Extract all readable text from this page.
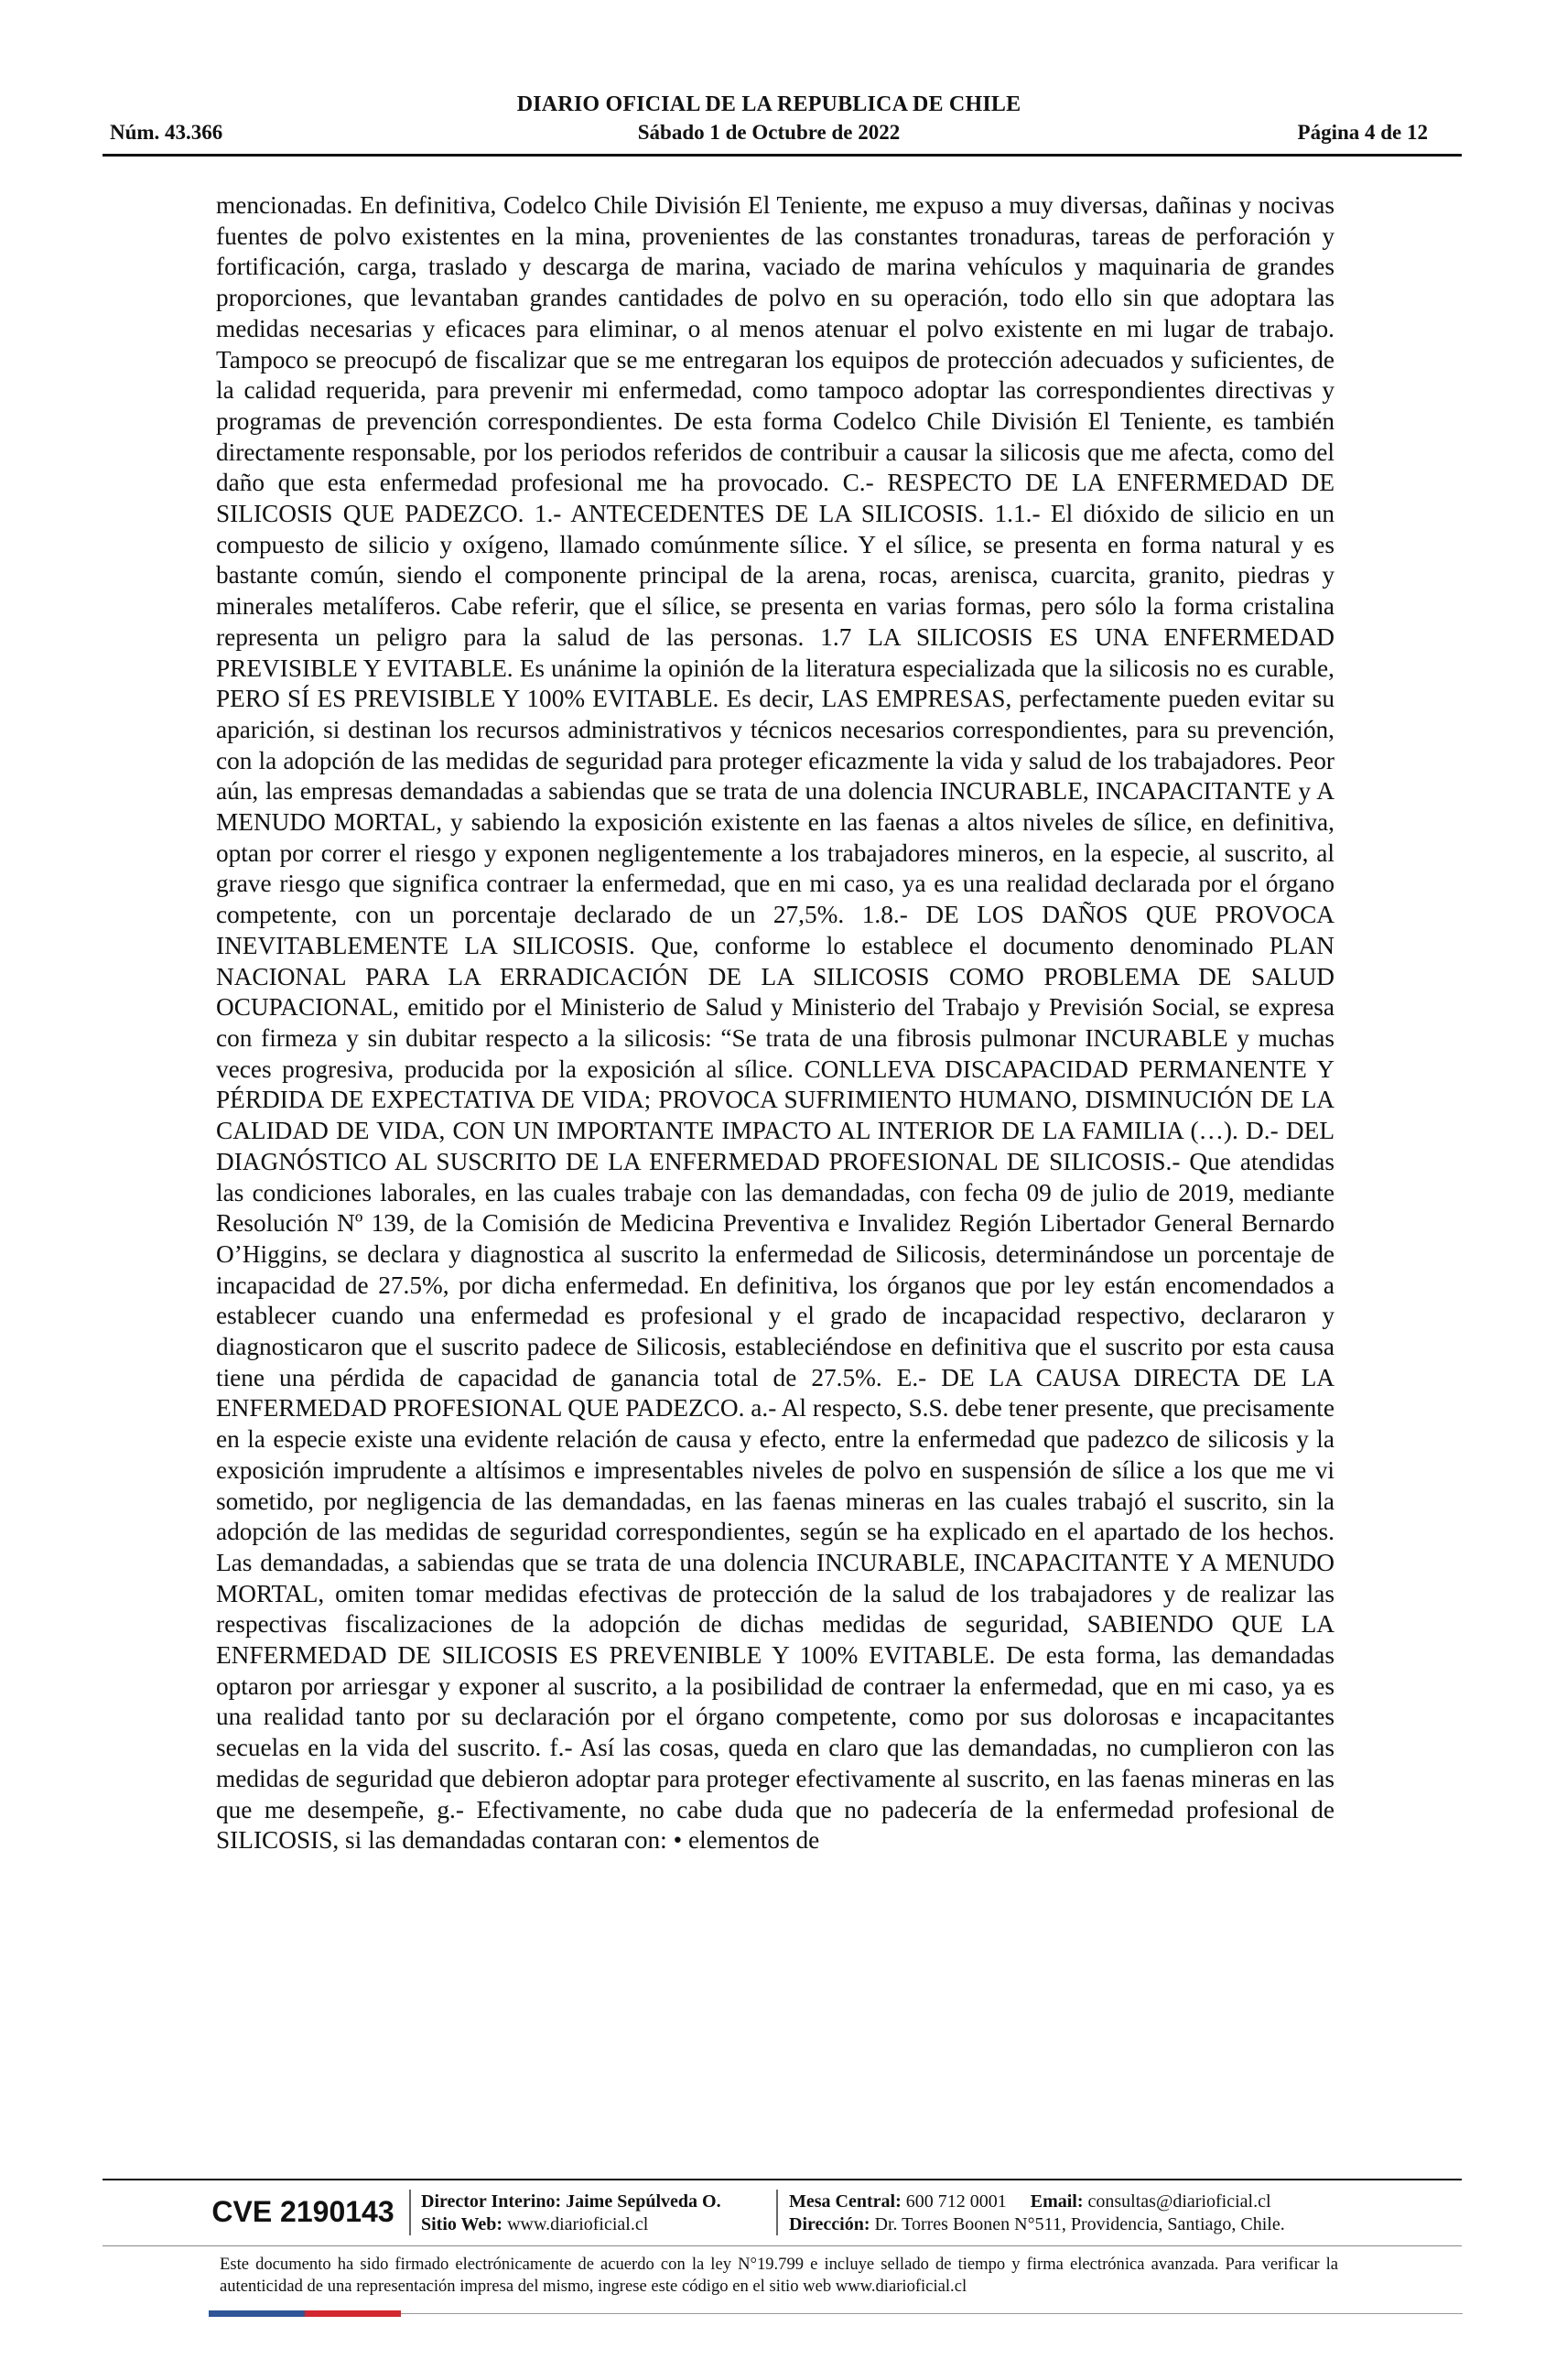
DIARIO OFICIAL DE LA REPUBLICA DE CHILE
Núm. 43.366	Sábado 1 de Octubre de 2022	Página 4 de 12

mencionadas. En definitiva, Codelco Chile División El Teniente, me expuso a muy diversas, dañinas y nocivas fuentes de polvo existentes en la mina, provenientes de las constantes tronaduras, tareas de perforación y fortificación, carga, traslado y descarga de marina, vaciado de marina vehículos y maquinaria de grandes proporciones, que levantaban grandes cantidades de polvo en su operación, todo ello sin que adoptara las medidas necesarias y eficaces para eliminar, o al menos atenuar el polvo existente en mi lugar de trabajo. Tampoco se preocupó de fiscalizar que se me entregaran los equipos de protección adecuados y suficientes, de la calidad requerida, para prevenir mi enfermedad, como tampoco adoptar las correspondientes directivas y programas de prevención correspondientes. De esta forma Codelco Chile División El Teniente, es también directamente responsable, por los periodos referidos de contribuir a causar la silicosis que me afecta, como del daño que esta enfermedad profesional me ha provocado. C.- RESPECTO DE LA ENFERMEDAD DE SILICOSIS QUE PADEZCO. 1.- ANTECEDENTES DE LA SILICOSIS. 1.1.- El dióxido de silicio en un compuesto de silicio y oxígeno, llamado comúnmente sílice. Y el sílice, se presenta en forma natural y es bastante común, siendo el componente principal de la arena, rocas, arenisca, cuarcita, granito, piedras y minerales metalíferos. Cabe referir, que el sílice, se presenta en varias formas, pero sólo la forma cristalina representa un peligro para la salud de las personas. 1.7 LA SILICOSIS ES UNA ENFERMEDAD PREVISIBLE Y EVITABLE. Es unánime la opinión de la literatura especializada que la silicosis no es curable, PERO SÍ ES PREVISIBLE Y 100% EVITABLE. Es decir, LAS EMPRESAS, perfectamente pueden evitar su aparición, si destinan los recursos administrativos y técnicos necesarios correspondientes, para su prevención, con la adopción de las medidas de seguridad para proteger eficazmente la vida y salud de los trabajadores. Peor aún, las empresas demandadas a sabiendas que se trata de una dolencia INCURABLE, INCAPACITANTE y A MENUDO MORTAL, y sabiendo la exposición existente en las faenas a altos niveles de sílice, en definitiva, optan por correr el riesgo y exponen negligentemente a los trabajadores mineros, en la especie, al suscrito, al grave riesgo que significa contraer la enfermedad, que en mi caso, ya es una realidad declarada por el órgano competente, con un porcentaje declarado de un 27,5%. 1.8.- DE LOS DAÑOS QUE PROVOCA INEVITABLEMENTE LA SILICOSIS. Que, conforme lo establece el documento denominado PLAN NACIONAL PARA LA ERRADICACIÓN DE LA SILICOSIS COMO PROBLEMA DE SALUD OCUPACIONAL, emitido por el Ministerio de Salud y Ministerio del Trabajo y Previsión Social, se expresa con firmeza y sin dubitar respecto a la silicosis: “Se trata de una fibrosis pulmonar INCURABLE y muchas veces progresiva, producida por la exposición al sílice. CONLLEVA DISCAPACIDAD PERMANENTE Y PÉRDIDA DE EXPECTATIVA DE VIDA; PROVOCA SUFRIMIENTO HUMANO, DISMINUCIÓN DE LA CALIDAD DE VIDA, CON UN IMPORTANTE IMPACTO AL INTERIOR DE LA FAMILIA (…). D.- DEL DIAGNÓSTICO AL SUSCRITO DE LA ENFERMEDAD PROFESIONAL DE SILICOSIS.- Que atendidas las condiciones laborales, en las cuales trabaje con las demandadas, con fecha 09 de julio de 2019, mediante Resolución Nº 139, de la Comisión de Medicina Preventiva e Invalidez Región Libertador General Bernardo O’Higgins, se declara y diagnostica al suscrito la enfermedad de Silicosis, determinándose un porcentaje de incapacidad de 27.5%, por dicha enfermedad. En definitiva, los órganos que por ley están encomendados a establecer cuando una enfermedad es profesional y el grado de incapacidad respectivo, declararon y diagnosticaron que el suscrito padece de Silicosis, estableciéndose en definitiva que el suscrito por esta causa tiene una pérdida de capacidad de ganancia total de 27.5%. E.- DE LA CAUSA DIRECTA DE LA ENFERMEDAD PROFESIONAL QUE PADEZCO. a.- Al respecto, S.S. debe tener presente, que precisamente en la especie existe una evidente relación de causa y efecto, entre la enfermedad que padezco de silicosis y la exposición imprudente a altísimos e impresentables niveles de polvo en suspensión de sílice a los que me vi sometido, por negligencia de las demandadas, en las faenas mineras en las cuales trabajó el suscrito, sin la adopción de las medidas de seguridad correspondientes, según se ha explicado en el apartado de los hechos. Las demandadas, a sabiendas que se trata de una dolencia INCURABLE, INCAPACITANTE Y A MENUDO MORTAL, omiten tomar medidas efectivas de protección de la salud de los trabajadores y de realizar las respectivas fiscalizaciones de la adopción de dichas medidas de seguridad, SABIENDO QUE LA ENFERMEDAD DE SILICOSIS ES PREVENIBLE Y 100% EVITABLE. De esta forma, las demandadas optaron por arriesgar y exponer al suscrito, a la posibilidad de contraer la enfermedad, que en mi caso, ya es una realidad tanto por su declaración por el órgano competente, como por sus dolorosas e incapacitantes secuelas en la vida del suscrito. f.- Así las cosas, queda en claro que las demandadas, no cumplieron con las medidas de seguridad que debieron adoptar para proteger efectivamente al suscrito, en las faenas mineras en las que me desempeñe, g.- Efectivamente, no cabe duda que no padecería de la enfermedad profesional de SILICOSIS, si las demandadas contaran con: • elementos de

CVE 2190143	Director Interino: Jaime Sepúlveda O.
Sitio Web: www.diarioficial.cl
Mesa Central: 600 712 0001 Email: consultas@diarioficial.cl
Dirección: Dr. Torres Boonen N°511, Providencia, Santiago, Chile.
Este documento ha sido firmado electrónicamente de acuerdo con la ley N°19.799 e incluye sellado de tiempo y firma electrónica avanzada. Para verificar la autenticidad de una representación impresa del mismo, ingrese este código en el sitio web www.diarioficial.cl
